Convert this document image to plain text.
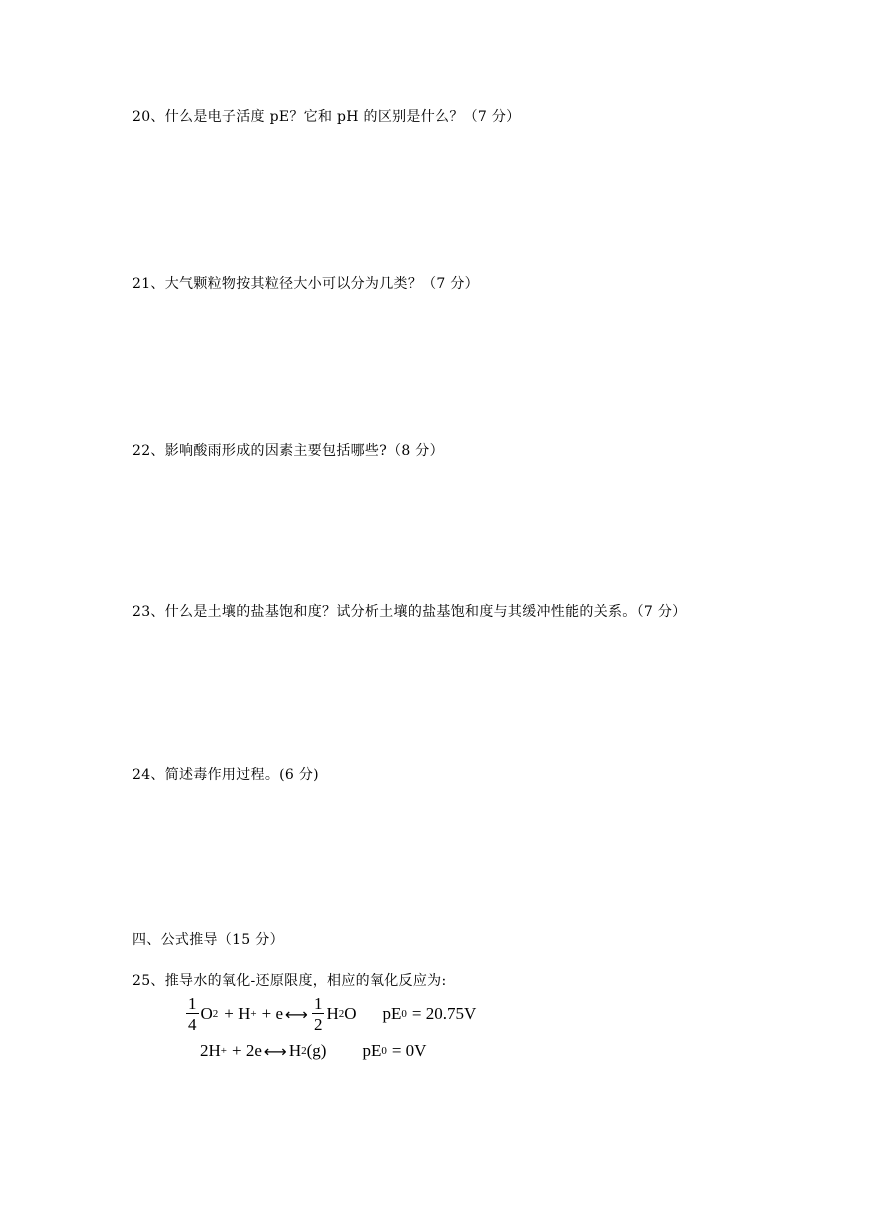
20、什么是电子活度 pE？它和 pH 的区别是什么？（7 分）
21、大气颗粒物按其粒径大小可以分为几类？（7 分）
22、影响酸雨形成的因素主要包括哪些?（8 分）
23、什么是土壤的盐基饱和度？试分析土壤的盐基饱和度与其缓冲性能的关系。（7 分）
24、简述毒作用过程。(6 分)
四、公式推导（15 分）
25、推导水的氧化-还原限度，相应的氧化反应为:
$\frac{1}{4}$ O 2 + H + + e ⟷ $\frac{1}{2}$ H 2 O pE 0 = 20.75V
2H + + 2e ⟷ H 2 (g) pE 0 = 0V
